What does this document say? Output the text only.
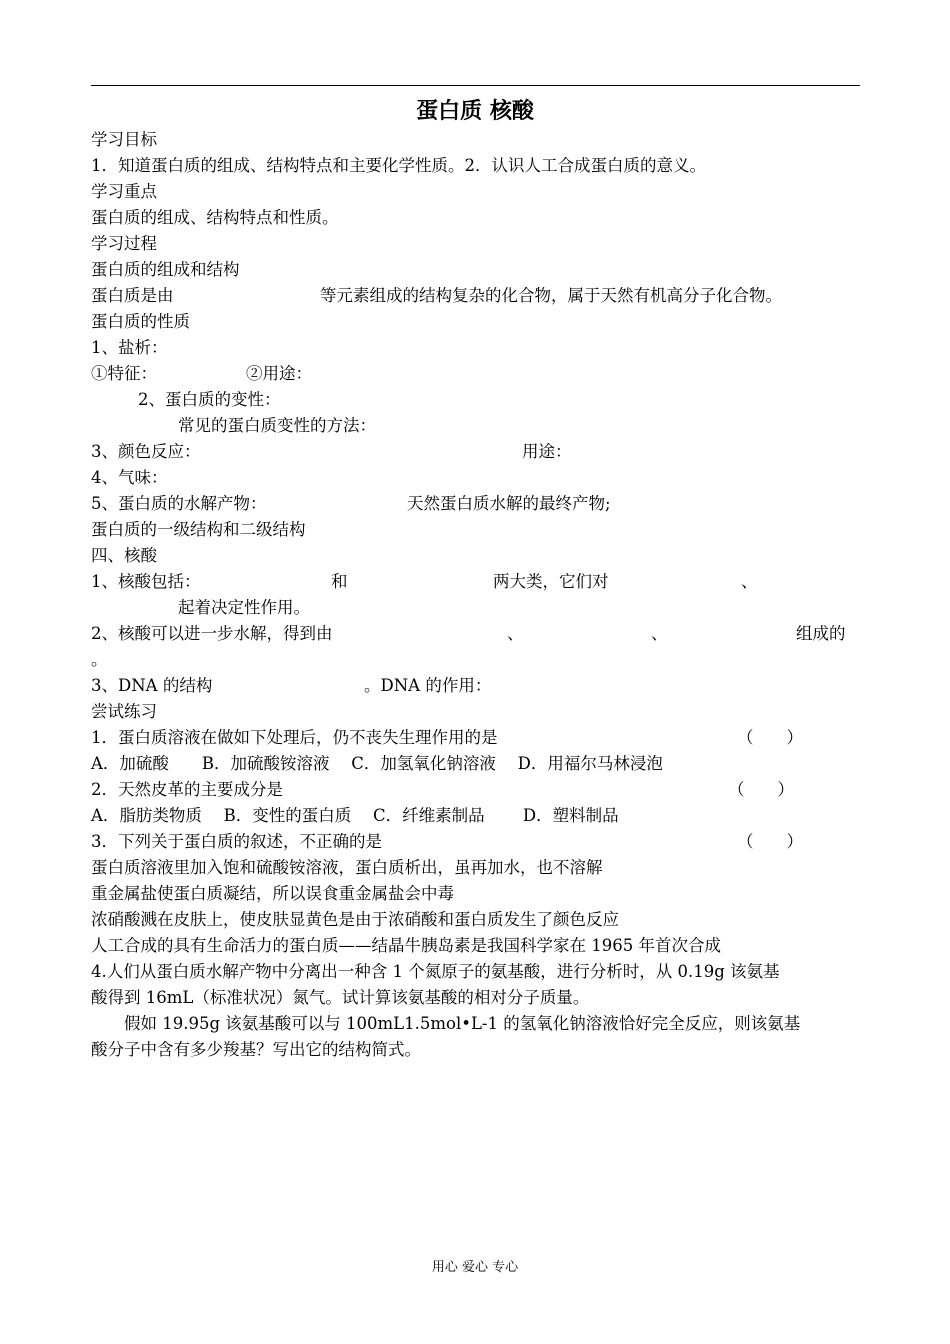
蛋白质 核酸
学习目标
1．知道蛋白质的组成、结构特点和主要化学性质。2．认识人工合成蛋白质的意义。
学习重点
蛋白质的组成、结构特点和性质。
学习过程
蛋白质的组成和结构
蛋白质是由	等元素组成的结构复杂的化合物，属于天然有机高分子化合物。
蛋白质的性质
1、盐析：
①特征：	②用途：
2、蛋白质的变性：
常见的蛋白质变性的方法：
3、颜色反应：	用途：
4、气味：
5、蛋白质的水解产物：	天然蛋白质水解的最终产物;
蛋白质的一级结构和二级结构
四、核酸
1、核酸包括：	和	两大类，它们对	、
起着决定性作用。
2、核酸可以进一步水解，得到由	、	、	组成的
。
3、DNA 的结构	。DNA 的作用：
尝试练习
1．蛋白质溶液在做如下处理后，仍不丧失生理作用的是	（　　）
A．加硫酸　　B．加硫酸铵溶液　 C．加氢氧化钠溶液　 D．用福尔马林浸泡
2．天然皮革的主要成分是	（　　）
A．脂肪类物质　 B．变性的蛋白质　 C．纤维素制品　　 D．塑料制品
3．下列关于蛋白质的叙述，不正确的是	（　　）
蛋白质溶液里加入饱和硫酸铵溶液，蛋白质析出，虽再加水，也不溶解
重金属盐使蛋白质凝结，所以误食重金属盐会中毒
浓硝酸溅在皮肤上，使皮肤显黄色是由于浓硝酸和蛋白质发生了颜色反应
人工合成的具有生命活力的蛋白质——结晶牛胰岛素是我国科学家在 1965 年首次合成
4.人们从蛋白质水解产物中分离出一种含 1 个氮原子的氨基酸，进行分析时，从 0.19g 该氨基
酸得到 16mL（标准状况）氮气。试计算该氨基酸的相对分子质量。
假如 19.95g 该氨基酸可以与 100mL1.5mol•L-1 的氢氧化钠溶液恰好完全反应，则该氨基
酸分子中含有多少羧基？写出它的结构简式。
用心 爱心 专心
